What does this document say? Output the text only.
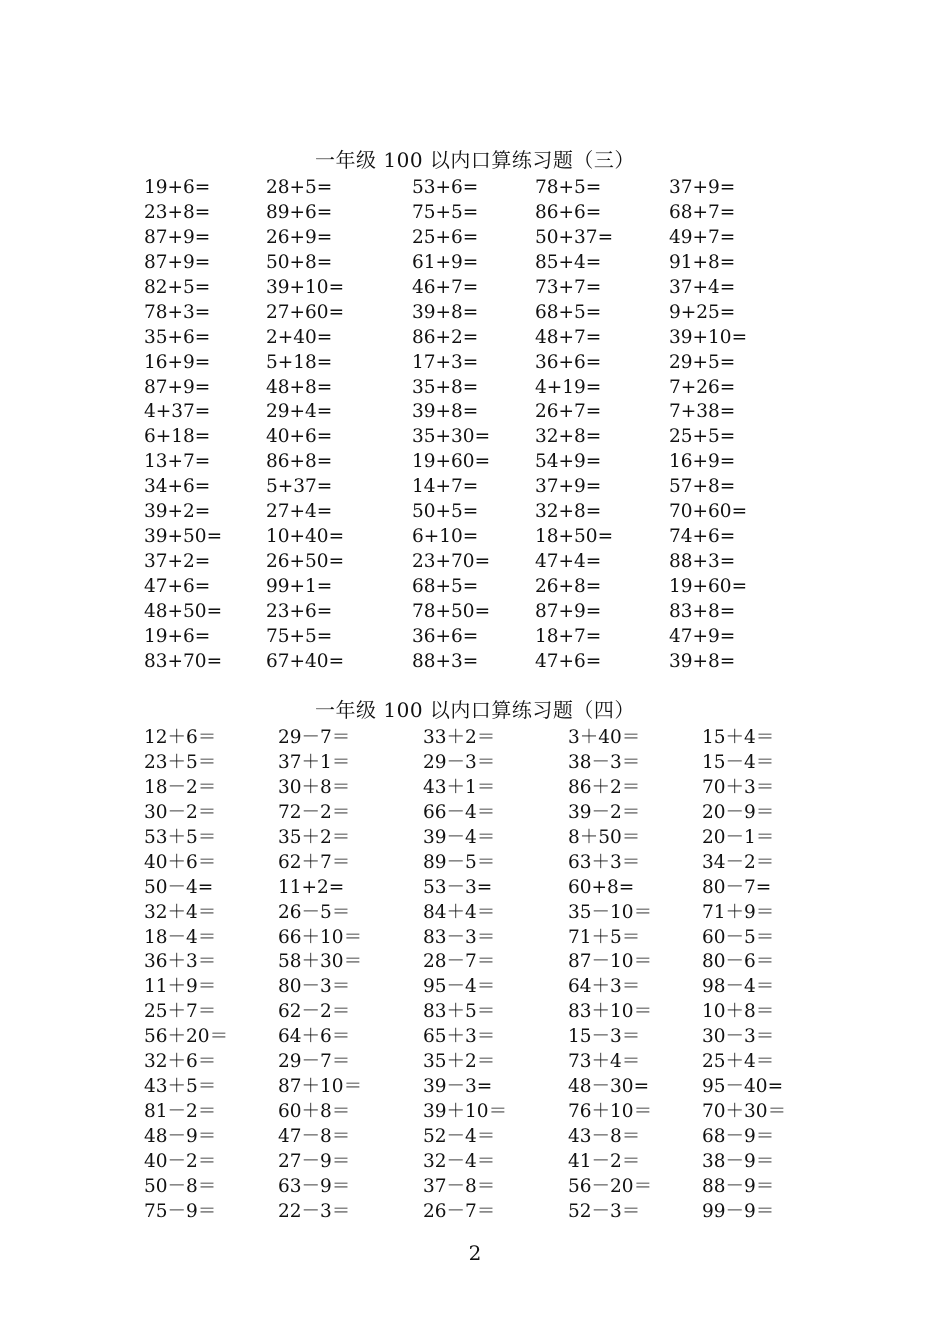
一年级 100 以内口算练习题（三）
19+6=	28+5=	53+6=	78+5=	37+9=
23+8=	89+6=	75+5=	86+6=	68+7=
87+9=	26+9=	25+6=	50+37=	49+7=
87+9=	50+8=	61+9=	85+4=	91+8=
82+5=	39+10=	46+7=	73+7=	37+4=
78+3=	27+60=	39+8=	68+5=	9+25=
35+6=	2+40=	86+2=	48+7=	39+10=
16+9=	5+18=	17+3=	36+6=	29+5=
87+9=	48+8=	35+8=	4+19=	7+26=
4+37=	29+4=	39+8=	26+7=	7+38=
6+18=	40+6=	35+30= 32+8=	25+5=
13+7=	86+8=	19+60= 54+9=	16+9=
34+6=	5+37=	14+7=	37+9=	57+8=
39+2=	27+4=	50+5=	32+8=	70+60=
39+50= 10+40=	6+10=	18+50=	74+6=
37+2=	26+50=	23+70= 47+4=	88+3=
47+6=	99+1=	68+5=	26+8=	19+60=
48+50= 23+6=	78+50= 87+9=	83+8=
19+6=	75+5=	36+6=	18+7=	47+9=
83+70= 67+40=	88+3=	47+6=	39+8=
一年级 100 以内口算练习题（四）
12＋6＝	29－7＝	33＋2＝	3＋40＝	15＋4＝
23＋5＝	37＋1＝	29－3＝	38－3＝	15－4＝
18－2＝	30＋8＝	43＋1＝	86＋2＝	70＋3＝
30－2＝	72－2＝	66－4＝	39－2＝	20－9＝
53＋5＝	35＋2＝	39－4＝	8＋50＝	20－1＝
40＋6＝	62＋7＝	89－5＝	63＋3＝	34－2＝
50－4=	11+2=	53－3=	60+8=	80－7=
32＋4＝	26－5＝	84＋4＝	35－10＝	71＋9＝
18－4＝	66＋10＝	83－3＝	71＋5＝	60－5＝
36＋3＝	58＋30＝	28－7＝	87－10＝	80－6＝
11＋9＝	80－3＝	95－4＝	64＋3＝	98－4＝
25＋7＝	62－2＝	83＋5＝	83＋10＝	10＋8＝
56＋20＝	64＋6＝	65＋3＝	15－3＝	30－3＝
32＋6＝	29－7＝	35＋2＝	73＋4＝	25＋4＝
43＋5＝	87＋10＝	39－3=	48－30=	95－40=
81－2＝	60＋8＝	39＋10＝	76＋10＝	70＋30＝
48－9＝	47－8＝	52－4＝	43－8＝	68－9＝
40－2＝	27－9＝	32－4＝	41－2＝	38－9＝
50－8＝	63－9＝	37－8＝	56－20＝	88－9＝
75－9＝	22－3＝	26－7＝	52－3＝	99－9＝
2
